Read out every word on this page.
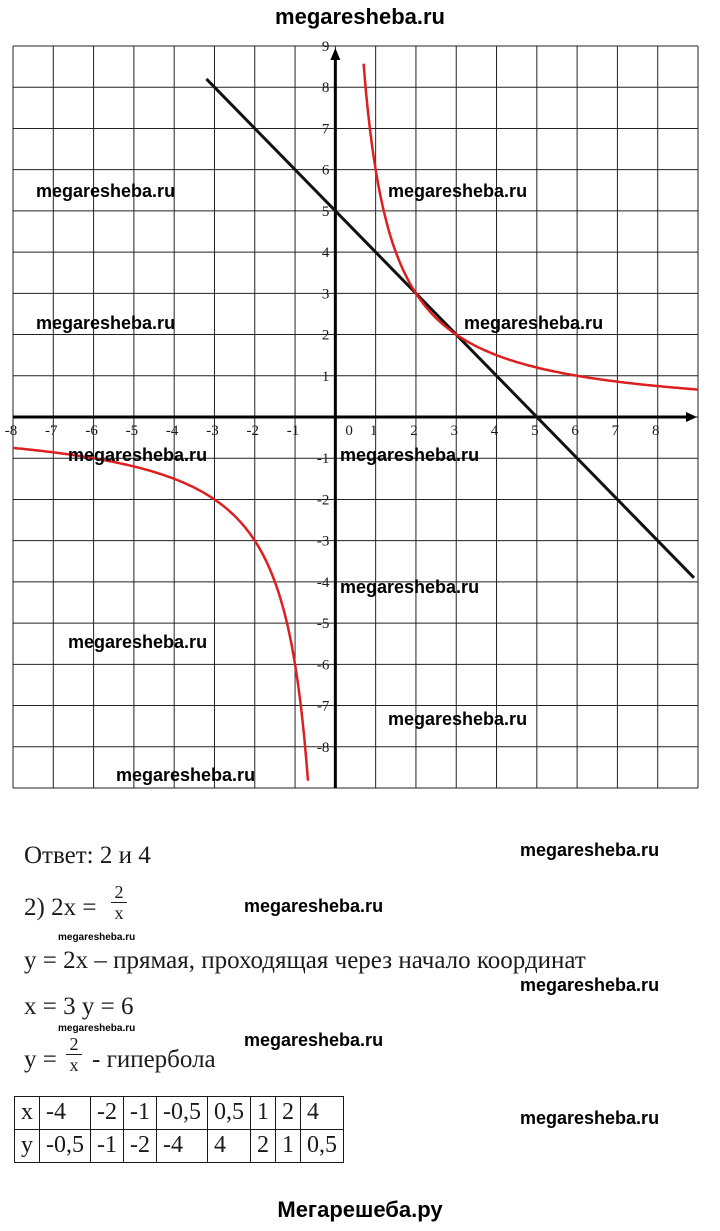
megaresheba.ru
-8 -7 -6 -5 -4 -3 -2 -1	0 1 2 3 4 5 6 7 8
9
8
7
6
5
4
3
2
1
-1
-2
-3
-4
-5
-6
-7
-8
megaresheba.ru	megaresheba.ru
megaresheba.ru	megaresheba.ru
megaresheba.ru	megaresheba.ru
megaresheba.ru
megaresheba.ru
megaresheba.ru
megaresheba.ru
Ответ: 2 и 4	megaresheba.ru
2) $2x = \frac{2}{x}$	megaresheba.ru
megaresheba.ru
y = 2x – прямая, проходящая через начало координат
megaresheba.ru
x = 3 y = 6
megaresheba.ru
$y = \frac{2}{x}$ - гипербола
megaresheba.ru
x	-4	-2	-1	-0,5	0,5	1	2	4
y	-0,5	-1	-2	-4	4	2	1	0,5
megaresheba.ru
Мегарешеба.ру
